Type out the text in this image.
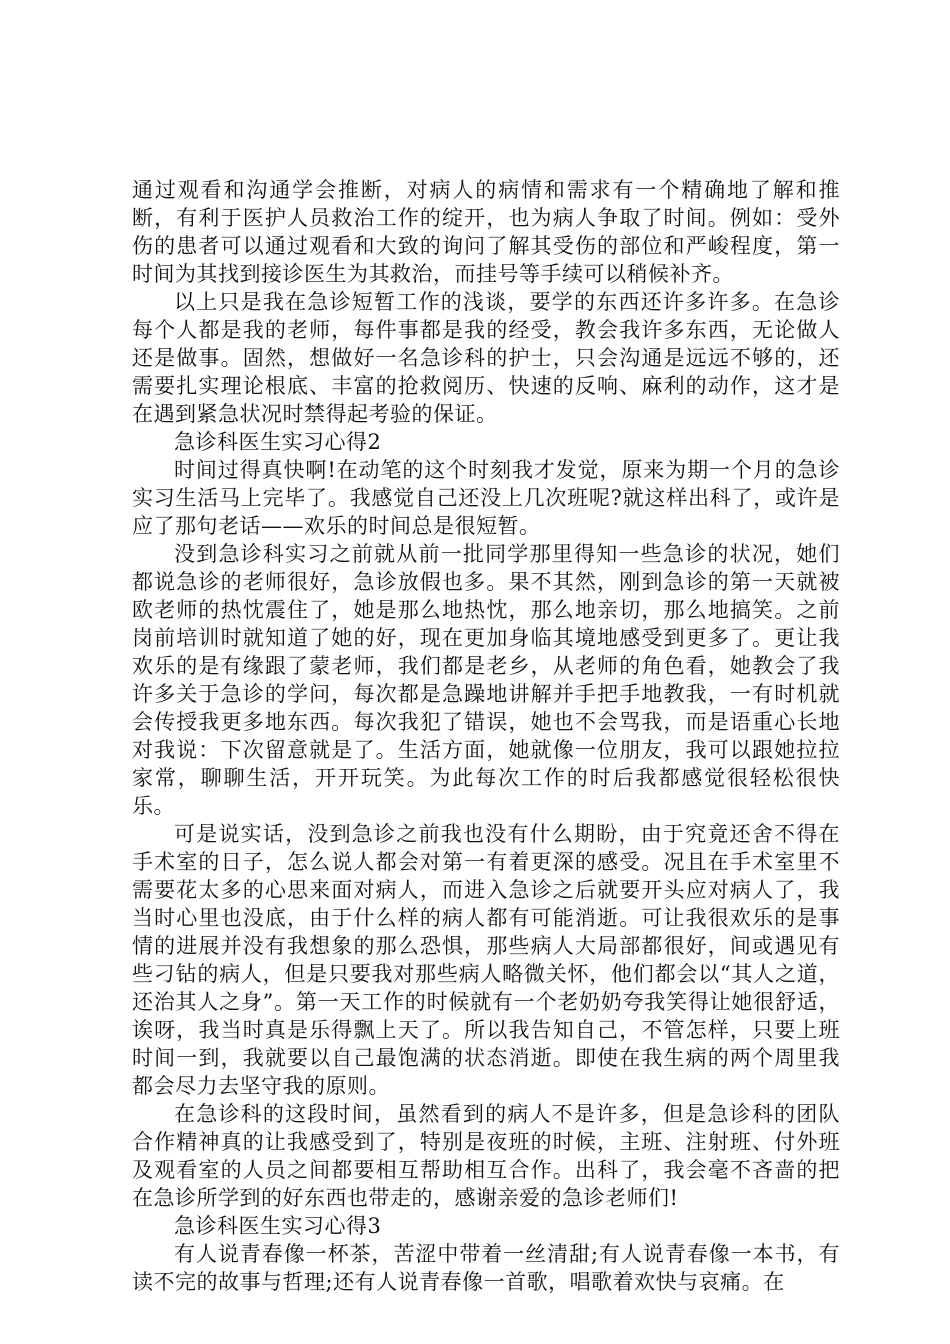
通过观看和沟通学会推断，对病人的病情和需求有一个精确地了解和推断，有利于医护人员救治工作的绽开，也为病人争取了时间。例如：受外伤的患者可以通过观看和大致的询问了解其受伤的部位和严峻程度，第一时间为其找到接诊医生为其救治，而挂号等手续可以稍候补齐。

以上只是我在急诊短暂工作的浅谈，要学的东西还许多许多。在急诊每个人都是我的老师，每件事都是我的经受，教会我许多东西，无论做人还是做事。固然，想做好一名急诊科的护士，只会沟通是远远不够的，还需要扎实理论根底、丰富的抢救阅历、快速的反响、麻利的动作，这才是在遇到紧急状况时禁得起考验的保证。

急诊科医生实习心得2

时间过得真快啊!在动笔的这个时刻我才发觉，原来为期一个月的急诊实习生活马上完毕了。我感觉自己还没上几次班呢?就这样出科了，或许是应了那句老话——欢乐的时间总是很短暂。

没到急诊科实习之前就从前一批同学那里得知一些急诊的状况，她们都说急诊的老师很好，急诊放假也多。果不其然，刚到急诊的第一天就被欧老师的热忱震住了，她是那么地热忱，那么地亲切，那么地搞笑。之前岗前培训时就知道了她的好，现在更加身临其境地感受到更多了。更让我欢乐的是有缘跟了蒙老师，我们都是老乡，从老师的角色看，她教会了我许多关于急诊的学问，每次都是急躁地讲解并手把手地教我，一有时机就会传授我更多地东西。每次我犯了错误，她也不会骂我，而是语重心长地对我说：下次留意就是了。生活方面，她就像一位朋友，我可以跟她拉拉家常，聊聊生活，开开玩笑。为此每次工作的时后我都感觉很轻松很快乐。

可是说实话，没到急诊之前我也没有什么期盼，由于究竟还舍不得在手术室的日子，怎么说人都会对第一有着更深的感受。况且在手术室里不需要花太多的心思来面对病人，而进入急诊之后就要开头应对病人了，我当时心里也没底，由于什么样的病人都有可能消逝。可让我很欢乐的是事情的进展并没有我想象的那么恐惧，那些病人大局部都很好，间或遇见有些刁钻的病人，但是只要我对那些病人略微关怀，他们都会以“其人之道，还治其人之身”。第一天工作的时候就有一个老奶奶夸我笑得让她很舒适，诶呀，我当时真是乐得飘上天了。所以我告知自己，不管怎样，只要上班时间一到，我就要以自己最饱满的状态消逝。即使在我生病的两个周里我都会尽力去坚守我的原则。

在急诊科的这段时间，虽然看到的病人不是许多，但是急诊科的团队合作精神真的让我感受到了，特别是夜班的时候，主班、注射班、付外班及观看室的人员之间都要相互帮助相互合作。出科了，我会毫不吝啬的把在急诊所学到的好东西也带走的，感谢亲爱的急诊老师们!

急诊科医生实习心得3

有人说青春像一杯茶，苦涩中带着一丝清甜;有人说青春像一本书，有读不完的故事与哲理;还有人说青春像一首歌，唱歌着欢快与哀痛。在
